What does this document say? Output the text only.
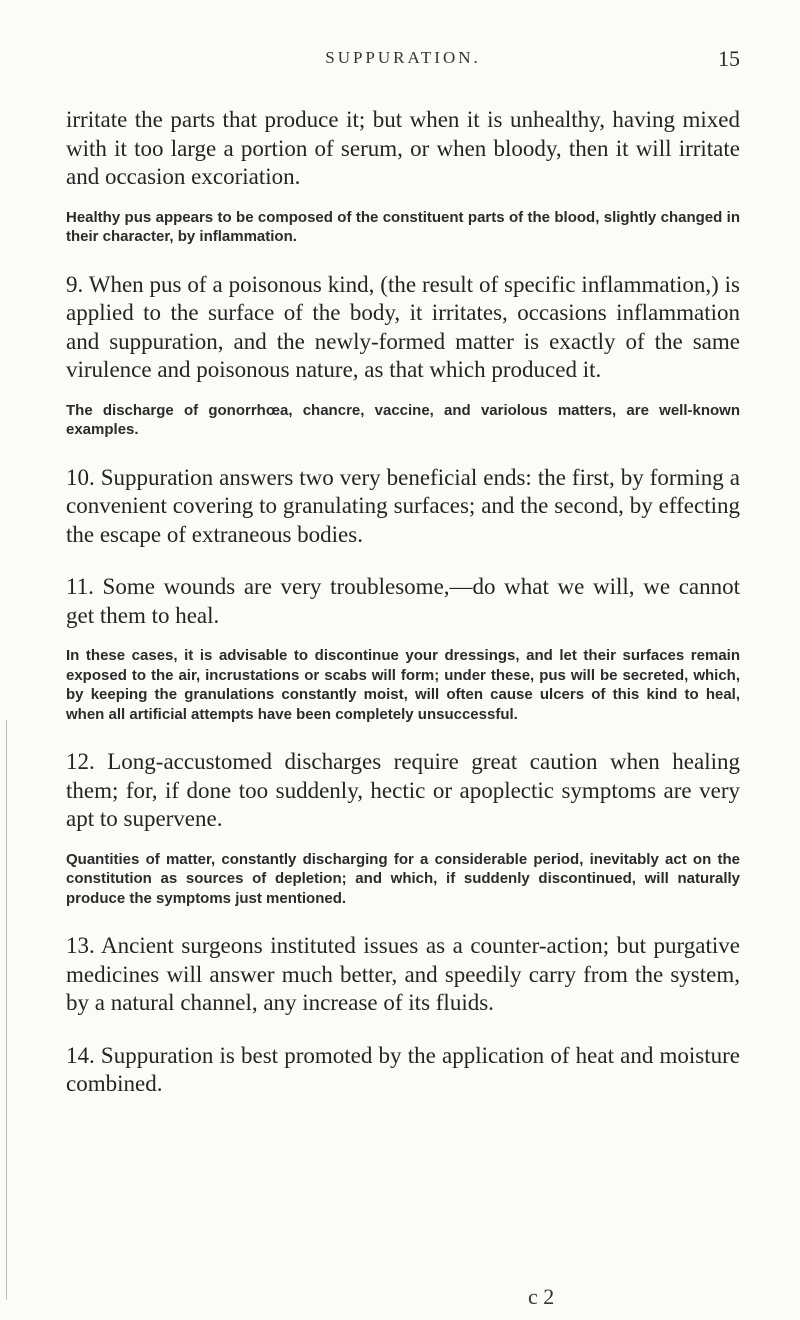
SUPPURATION.	15

irritate the parts that produce it; but when it is unhealthy, having mixed with it too large a portion of serum, or when bloody, then it will irritate and occasion excoriation.

Healthy pus appears to be composed of the constituent parts of the blood, slightly changed in their character, by inflammation.

9. When pus of a poisonous kind, (the result of specific inflammation,) is applied to the surface of the body, it irritates, occasions inflammation and suppuration, and the newly-formed matter is exactly of the same virulence and poisonous nature, as that which produced it.

The discharge of gonorrhœa, chancre, vaccine, and variolous matters, are well-known examples.

10. Suppuration answers two very beneficial ends: the first, by forming a convenient covering to granulating surfaces; and the second, by effecting the escape of extraneous bodies.

11. Some wounds are very troublesome,—do what we will, we cannot get them to heal.

In these cases, it is advisable to discontinue your dressings, and let their surfaces remain exposed to the air, incrustations or scabs will form; under these, pus will be secreted, which, by keeping the granulations constantly moist, will often cause ulcers of this kind to heal, when all artificial attempts have been completely unsuccessful.

12. Long-accustomed discharges require great caution when healing them; for, if done too suddenly, hectic or apoplectic symptoms are very apt to supervene.

Quantities of matter, constantly discharging for a considerable period, inevitably act on the constitution as sources of depletion; and which, if suddenly discontinued, will naturally produce the symptoms just mentioned.

13. Ancient surgeons instituted issues as a counter-action; but purgative medicines will answer much better, and speedily carry from the system, by a natural channel, any increase of its fluids.

14. Suppuration is best promoted by the application of heat and moisture combined.

c 2
